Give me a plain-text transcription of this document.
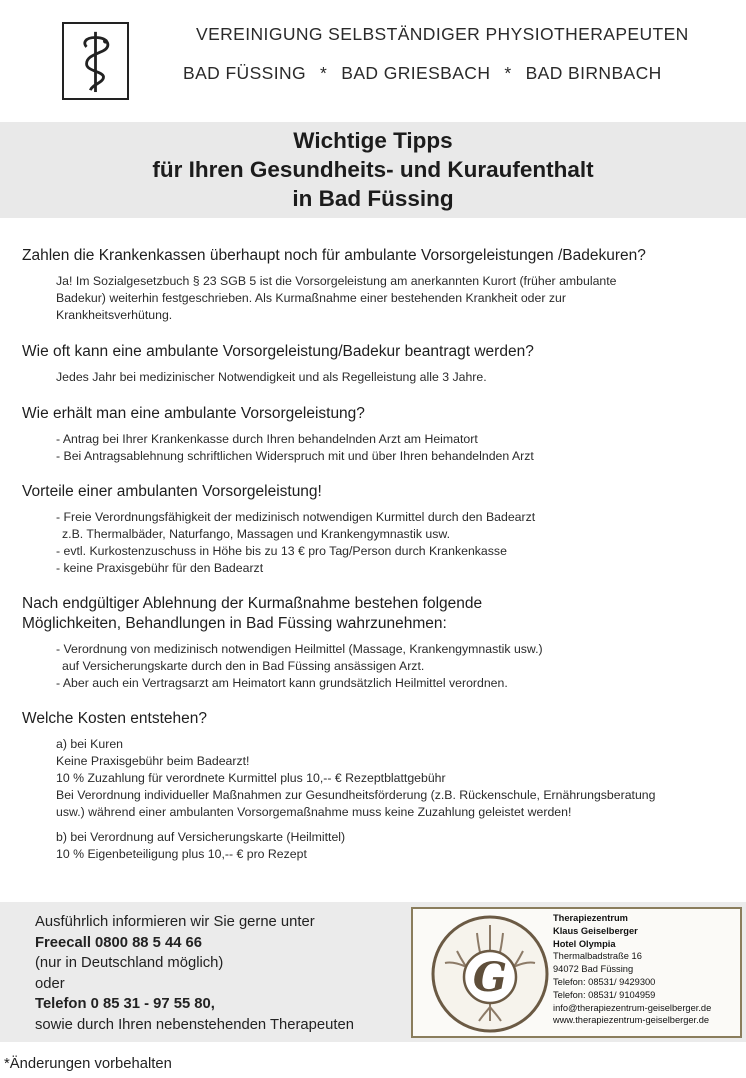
VEREINIGUNG SELBSTÄNDIGER PHYSIOTHERAPEUTEN
BAD FÜSSING * BAD GRIESBACH * BAD BIRNBACH
Wichtige Tipps
für Ihren Gesundheits- und Kuraufenthalt
in Bad Füssing
Zahlen die Krankenkassen überhaupt noch für ambulante Vorsorgeleistungen /Badekuren?
Ja! Im Sozialgesetzbuch § 23 SGB 5 ist die Vorsorgeleistung am anerkannten Kurort (früher ambulante
Badekur) weiterhin festgeschrieben. Als Kurmaßnahme einer bestehenden Krankheit oder zur
Krankheitsverhütung.
Wie oft kann eine ambulante Vorsorgeleistung/Badekur beantragt werden?
Jedes Jahr bei medizinischer Notwendigkeit und als Regelleistung alle 3 Jahre.
Wie erhält man eine ambulante Vorsorgeleistung?
- Antrag bei Ihrer Krankenkasse durch Ihren behandelnden Arzt am Heimatort
- Bei Antragsablehnung schriftlichen Widerspruch mit und über Ihren behandelnden Arzt
Vorteile einer ambulanten Vorsorgeleistung!
- Freie Verordnungsfähigkeit der medizinisch notwendigen Kurmittel durch den Badearzt
z.B. Thermalbäder, Naturfango, Massagen und Krankengymnastik usw.
- evtl. Kurkostenzuschuss in Höhe bis zu 13 € pro Tag/Person durch Krankenkasse
- keine Praxisgebühr für den Badearzt
Nach endgültiger Ablehnung der Kurmaßnahme bestehen folgende
Möglichkeiten, Behandlungen in Bad Füssing wahrzunehmen:
- Verordnung von medizinisch notwendigen Heilmittel (Massage, Krankengymnastik usw.)
auf Versicherungskarte durch den in Bad Füssing ansässigen Arzt.
- Aber auch ein Vertragsarzt am Heimatort kann grundsätzlich Heilmittel verordnen.
Welche Kosten entstehen?
a) bei Kuren
Keine Praxisgebühr beim Badearzt!
10 % Zuzahlung für verordnete Kurmittel plus 10,-- € Rezeptblattgebühr
Bei Verordnung individueller Maßnahmen zur Gesundheitsförderung (z.B. Rückenschule, Ernährungsberatung
usw.) während einer ambulanten Vorsorgemaßnahme muss keine Zuzahlung geleistet werden!
b) bei Verordnung auf Versicherungskarte (Heilmittel)
10 % Eigenbeteiligung plus 10,-- € pro Rezept
Ausführlich informieren wir Sie gerne unter
Freecall 0800 88 5 44 66
(nur in Deutschland möglich)
oder
Telefon 0 85 31 - 97 55 80,
sowie durch Ihren nebenstehenden Therapeuten
G
Therapiezentrum
Klaus Geiselberger
Hotel Olympia
Thermalbadstraße 16
94072 Bad Füssing
Telefon: 08531/ 9429300
Telefon: 08531/ 9104959
info@therapiezentrum-geiselberger.de
www.therapiezentrum-geiselberger.de
*Änderungen vorbehalten
